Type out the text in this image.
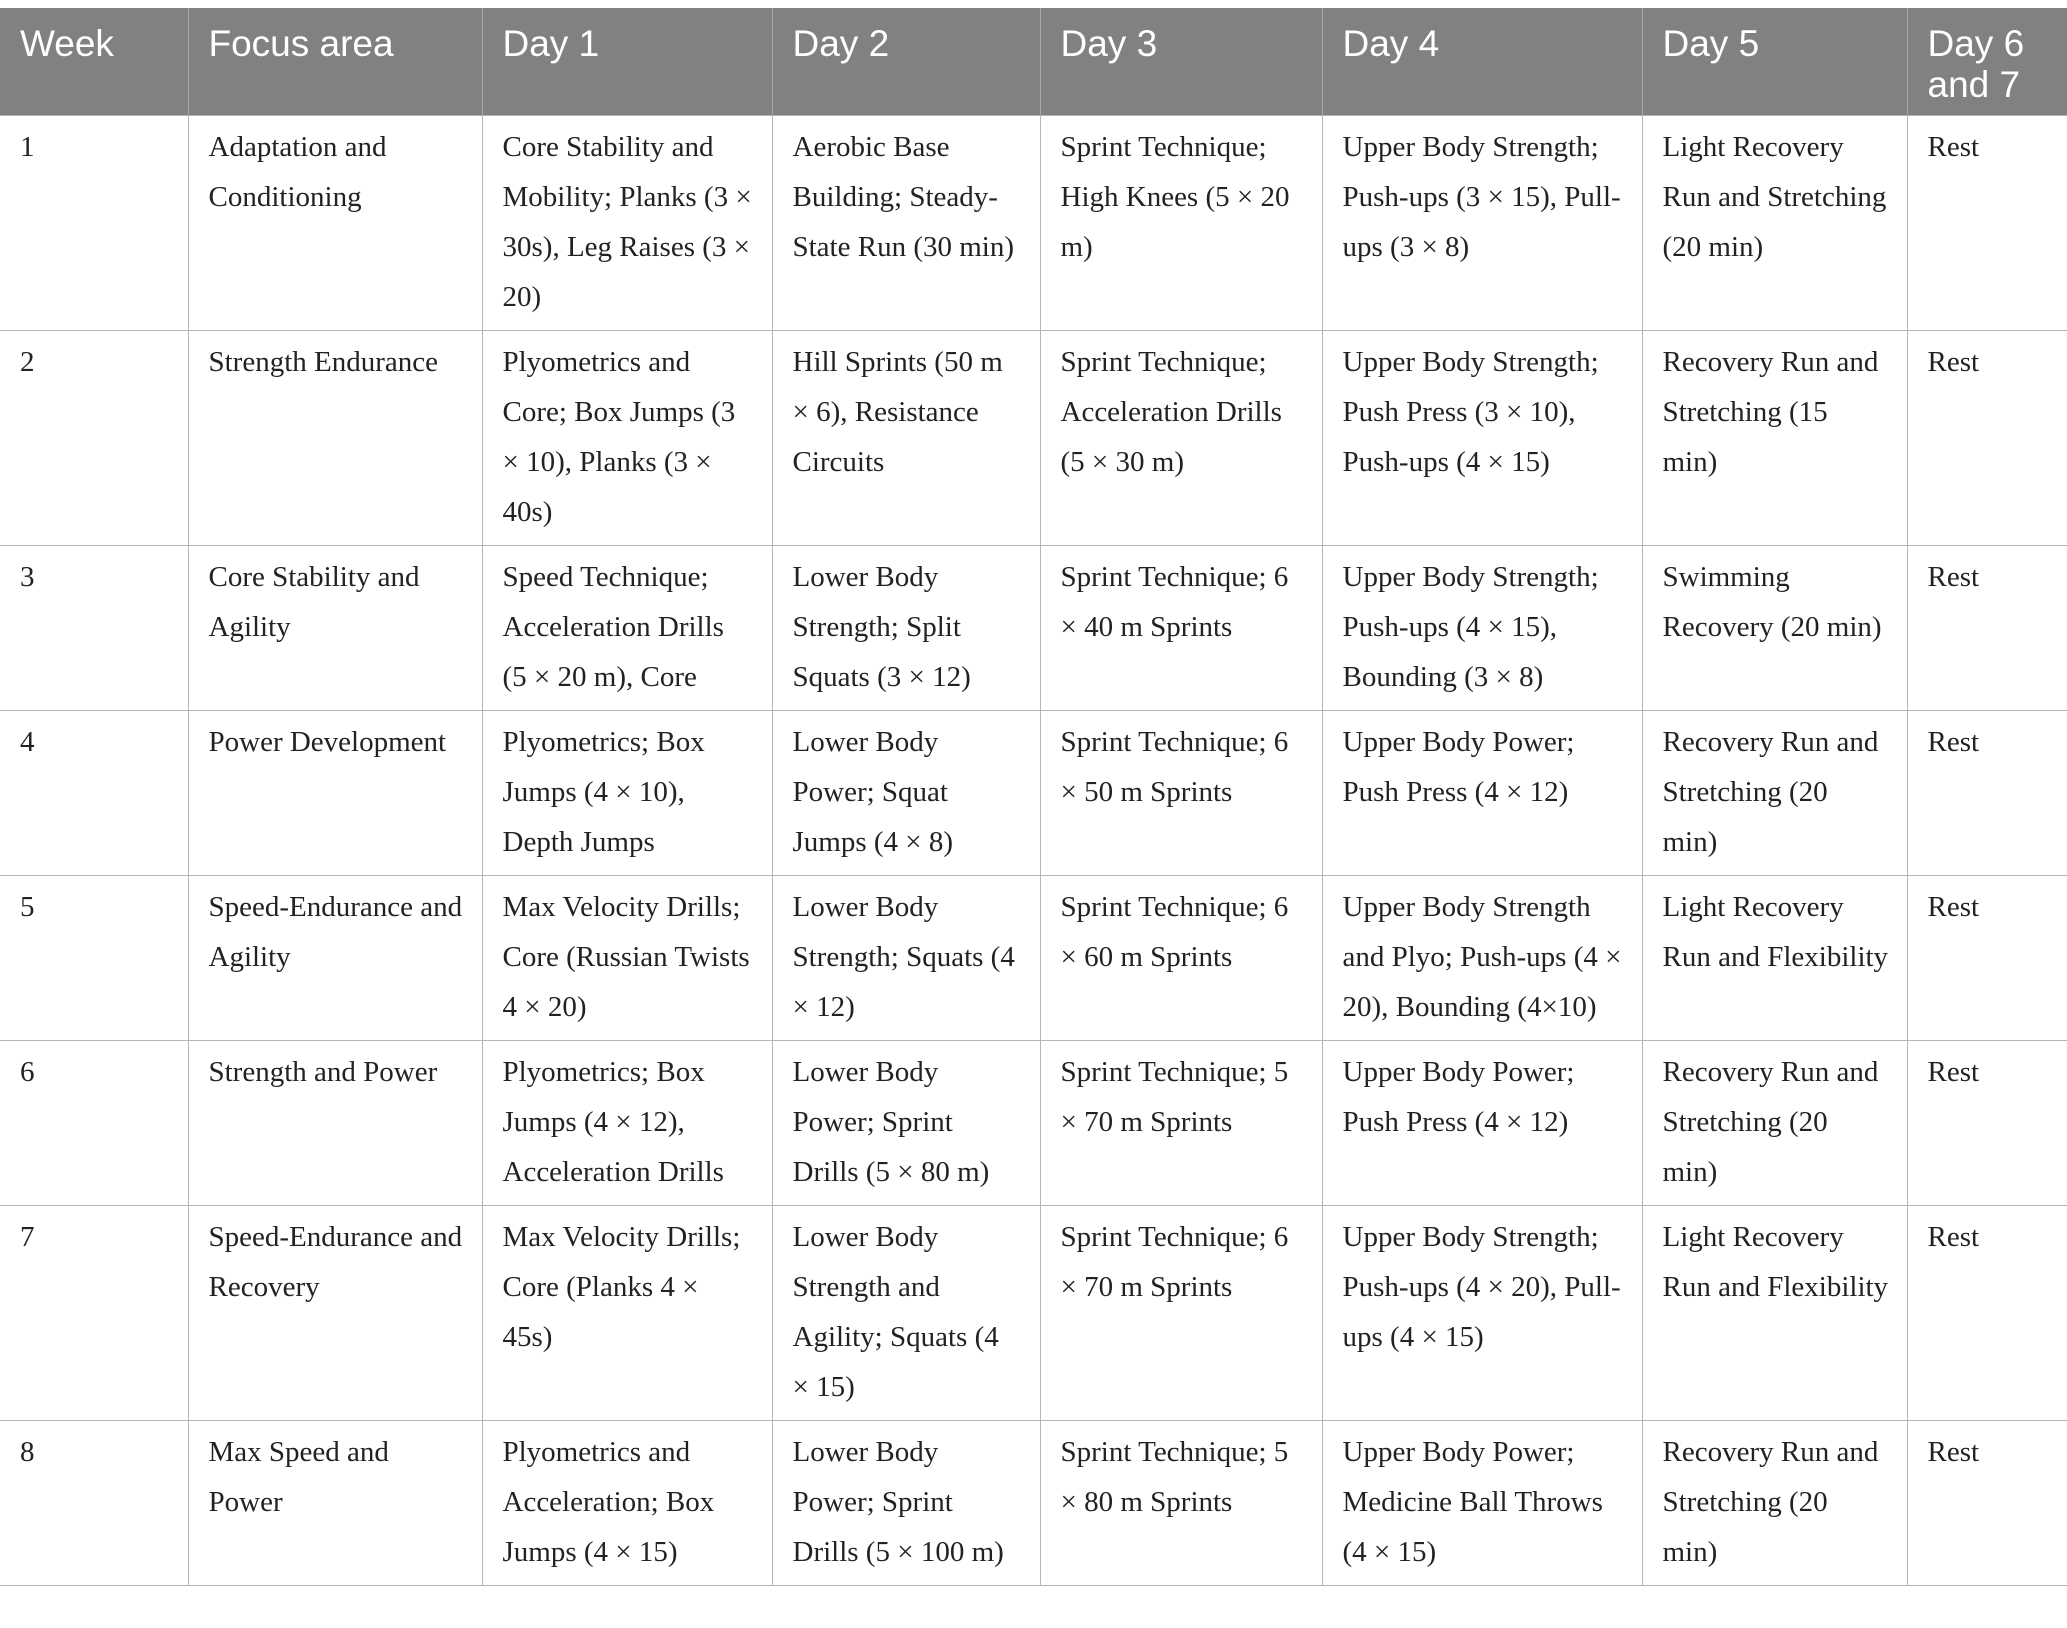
Week	Focus area	Day 1	Day 2	Day 3	Day 4	Day 5	Day 6 and 7
1	Adaptation and Conditioning	Core Stability and Mobility; Planks (3 × 30s), Leg Raises (3 × 20)	Aerobic Base Building; Steady-State Run (30 min)	Sprint Technique; High Knees (5 × 20 m)	Upper Body Strength; Push-ups (3 × 15), Pull-ups (3 × 8)	Light Recovery Run and Stretching (20 min)	Rest
2	Strength Endurance	Plyometrics and Core; Box Jumps (3 × 10), Planks (3 × 40s)	Hill Sprints (50 m × 6), Resistance Circuits	Sprint Technique; Acceleration Drills (5 × 30 m)	Upper Body Strength; Push Press (3 × 10), Push-ups (4 × 15)	Recovery Run and Stretching (15 min)	Rest
3	Core Stability and Agility	Speed Technique; Acceleration Drills (5 × 20 m), Core	Lower Body Strength; Split Squats (3 × 12)	Sprint Technique; 6 × 40 m Sprints	Upper Body Strength; Push-ups (4 × 15), Bounding (3 × 8)	Swimming Recovery (20 min)	Rest
4	Power Development	Plyometrics; Box Jumps (4 × 10), Depth Jumps	Lower Body Power; Squat Jumps (4 × 8)	Sprint Technique; 6 × 50 m Sprints	Upper Body Power; Push Press (4 × 12)	Recovery Run and Stretching (20 min)	Rest
5	Speed-Endurance and Agility	Max Velocity Drills; Core (Russian Twists 4 × 20)	Lower Body Strength; Squats (4 × 12)	Sprint Technique; 6 × 60 m Sprints	Upper Body Strength and Plyo; Push-ups (4 × 20), Bounding (4×10)	Light Recovery Run and Flexibility	Rest
6	Strength and Power	Plyometrics; Box Jumps (4 × 12), Acceleration Drills	Lower Body Power; Sprint Drills (5 × 80 m)	Sprint Technique; 5 × 70 m Sprints	Upper Body Power; Push Press (4 × 12)	Recovery Run and Stretching (20 min)	Rest
7	Speed-Endurance and Recovery	Max Velocity Drills; Core (Planks 4 × 45s)	Lower Body Strength and Agility; Squats (4 × 15)	Sprint Technique; 6 × 70 m Sprints	Upper Body Strength; Push-ups (4 × 20), Pull-ups (4 × 15)	Light Recovery Run and Flexibility	Rest
8	Max Speed and Power	Plyometrics and Acceleration; Box Jumps (4 × 15)	Lower Body Power; Sprint Drills (5 × 100 m)	Sprint Technique; 5 × 80 m Sprints	Upper Body Power; Medicine Ball Throws (4 × 15)	Recovery Run and Stretching (20 min)	Rest
